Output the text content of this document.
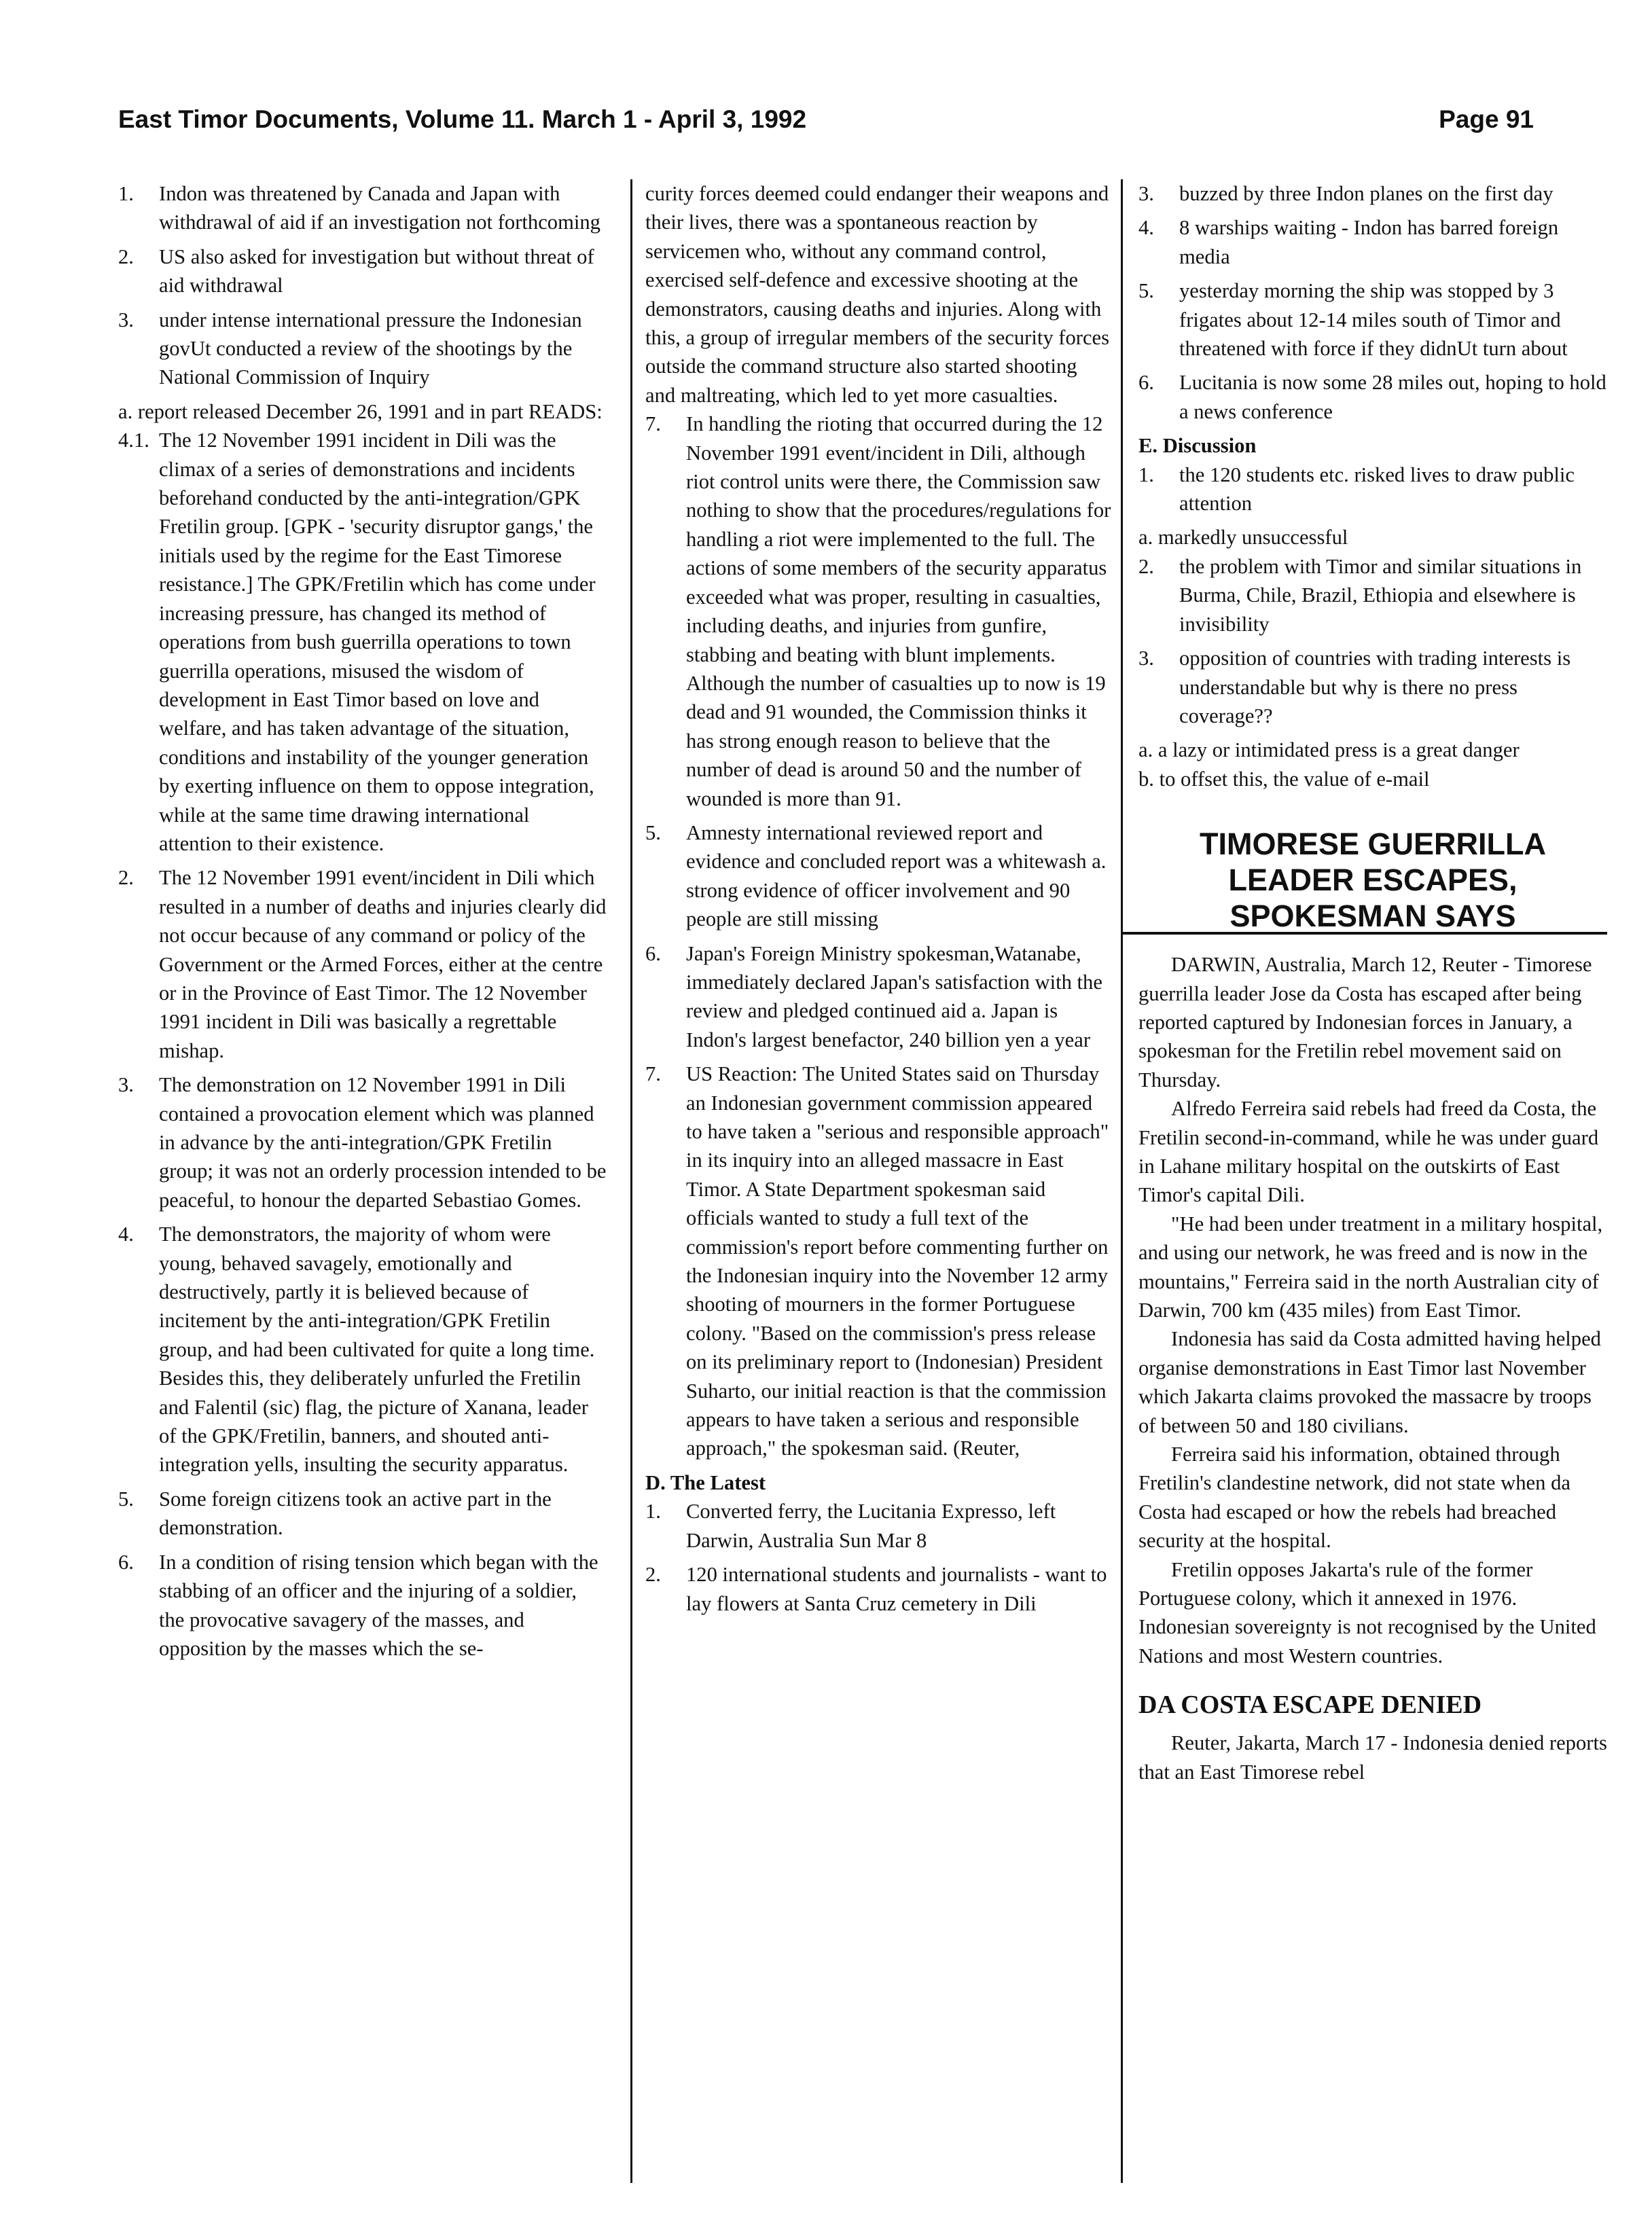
East Timor Documents, Volume 11. March 1 - April 3, 1992	Page 91
1. Indon was threatened by Canada and Japan with withdrawal of aid if an investigation not forthcoming
2. US also asked for investigation but without threat of aid withdrawal
3. under intense international pressure the Indonesian govUt conducted a review of the shootings by the National Commission of Inquiry

a. report released December 26, 1991 and in part READS:

4.1. The 12 November 1991 incident in Dili was the climax of a series of demonstrations and incidents beforehand conducted by the anti-integration/GPK Fretilin group. [GPK - 'security disruptor gangs,' the initials used by the regime for the East Timorese resistance.] The GPK/Fretilin which has come under increasing pressure, has changed its method of operations from bush guerrilla operations to town guerrilla operations, misused the wisdom of development in East Timor based on love and welfare, and has taken advantage of the situation, conditions and instability of the younger generation by exerting influence on them to oppose integration, while at the same time drawing international attention to their existence.
2. The 12 November 1991 event/incident in Dili which resulted in a number of deaths and injuries clearly did not occur because of any command or policy of the Government or the Armed Forces, either at the centre or in the Province of East Timor. The 12 November 1991 incident in Dili was basically a regrettable mishap.
3. The demonstration on 12 November 1991 in Dili contained a provocation element which was planned in advance by the anti-integration/GPK Fretilin group; it was not an orderly procession intended to be peaceful, to honour the departed Sebastiao Gomes.
4. The demonstrators, the majority of whom were young, behaved savagely, emotionally and destructively, partly it is believed because of incitement by the anti-integration/GPK Fretilin group, and had been cultivated for quite a long time. Besides this, they deliberately unfurled the Fretilin and Falentil (sic) flag, the picture of Xanana, leader of the GPK/Fretilin, banners, and shouted anti-integration yells, insulting the security apparatus.
5. Some foreign citizens took an active part in the demonstration.
6. In a condition of rising tension which began with the stabbing of an officer and the injuring of a soldier, the provocative savagery of the masses, and opposition by the masses which the se-

curity forces deemed could endanger their weapons and their lives, there was a spontaneous reaction by servicemen who, without any command control, exercised self-defence and excessive shooting at the demonstrators, causing deaths and injuries. Along with this, a group of irregular members of the security forces outside the command structure also started shooting and maltreating, which led to yet more casualties.

7. In handling the rioting that occurred during the 12 November 1991 event/incident in Dili, although riot control units were there, the Commission saw nothing to show that the procedures/regulations for handling a riot were implemented to the full. The actions of some members of the security apparatus exceeded what was proper, resulting in casualties, including deaths, and injuries from gunfire, stabbing and beating with blunt implements. Although the number of casualties up to now is 19 dead and 91 wounded, the Commission thinks it has strong enough reason to believe that the number of dead is around 50 and the number of wounded is more than 91.
5. Amnesty international reviewed report and evidence and concluded report was a whitewash a. strong evidence of officer involvement and 90 people are still missing
6. Japan's Foreign Ministry spokesman,Watanabe, immediately declared Japan's satisfaction with the review and pledged continued aid a. Japan is Indon's largest benefactor, 240 billion yen a year
7. US Reaction: The United States said on Thursday an Indonesian government commission appeared to have taken a "serious and responsible approach" in its inquiry into an alleged massacre in East Timor. A State Department spokesman said officials wanted to study a full text of the commission's report before commenting further on the Indonesian inquiry into the November 12 army shooting of mourners in the former Portuguese colony. "Based on the commission's press release on its preliminary report to (Indonesian) President Suharto, our initial reaction is that the commission appears to have taken a serious and responsible approach," the spokesman said. (Reuter,

D. The Latest

1. Converted ferry, the Lucitania Expresso, left Darwin, Australia Sun Mar 8
2. 120 international students and journalists - want to lay flowers at Santa Cruz cemetery in Dili
3. buzzed by three Indon planes on the first day
4. 8 warships waiting - Indon has barred foreign media
5. yesterday morning the ship was stopped by 3 frigates about 12-14 miles south of Timor and threatened with force if they didnUt turn about
6. Lucitania is now some 28 miles out, hoping to hold a news conference

E. Discussion

1. the 120 students etc. risked lives to draw public attention

a. markedly unsuccessful

2. the problem with Timor and similar situations in Burma, Chile, Brazil, Ethiopia and elsewhere is invisibility
3. opposition of countries with trading interests is understandable but why is there no press coverage??

a. a lazy or intimidated press is a great danger

b. to offset this, the value of e-mail

TIMORESE GUERRILLA LEADER ESCAPES, SPOKESMAN SAYS

DARWIN, Australia, March 12, Reuter - Timorese guerrilla leader Jose da Costa has escaped after being reported captured by Indonesian forces in January, a spokesman for the Fretilin rebel movement said on Thursday.

Alfredo Ferreira said rebels had freed da Costa, the Fretilin second-in-command, while he was under guard in Lahane military hospital on the outskirts of East Timor's capital Dili.

"He had been under treatment in a military hospital, and using our network, he was freed and is now in the mountains," Ferreira said in the north Australian city of Darwin, 700 km (435 miles) from East Timor.

Indonesia has said da Costa admitted having helped organise demonstrations in East Timor last November which Jakarta claims provoked the massacre by troops of between 50 and 180 civilians.

Ferreira said his information, obtained through Fretilin's clandestine network, did not state when da Costa had escaped or how the rebels had breached security at the hospital.

Fretilin opposes Jakarta's rule of the former Portuguese colony, which it annexed in 1976. Indonesian sovereignty is not recognised by the United Nations and most Western countries.

DA COSTA ESCAPE DENIED

Reuter, Jakarta, March 17 - Indonesia denied reports that an East Timorese rebel
